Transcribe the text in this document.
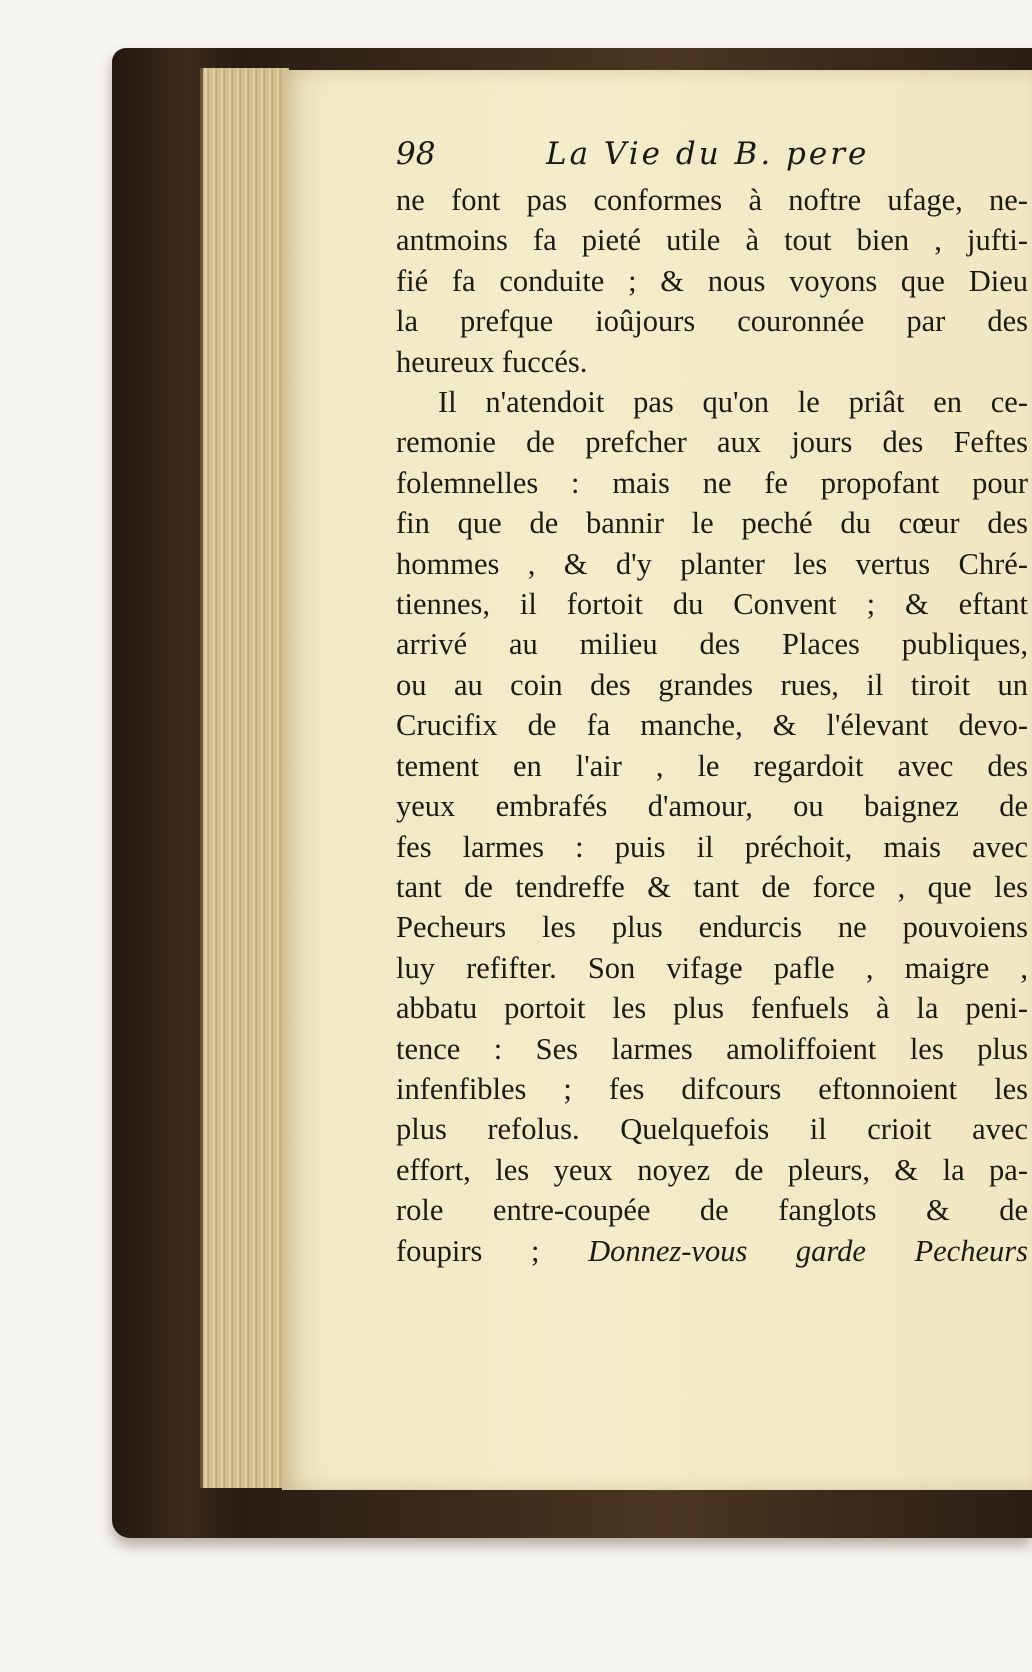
98	La Vie du B. pere
ne font pas conformes à noftre ufage, ne-
antmoins fa pieté utile à tout bien , jufti-
fié fa conduite ; & nous voyons que Dieu
la prefque ioûjours couronnée par des
heureux fuccés.
Il n'atendoit pas qu'on le priât en ce-
remonie de prefcher aux jours des Feftes
folemnelles : mais ne fe propofant pour
fin que de bannir le peché du cœur des
hommes , & d'y planter les vertus Chré-
tiennes, il fortoit du Convent ; & eftant
arrivé au milieu des Places publiques,
ou au coin des grandes rues, il tiroit un
Crucifix de fa manche, & l'élevant devo-
tement en l'air , le regardoit avec des
yeux embrafés d'amour, ou baignez de
fes larmes : puis il préchoit, mais avec
tant de tendreffe & tant de force , que les
Pecheurs les plus endurcis ne pouvoiens
luy refifter. Son vifage pafle , maigre ,
abbatu portoit les plus fenfuels à la peni-
tence : Ses larmes amoliffoient les plus
infenfibles ; fes difcours eftonnoient les
plus refolus. Quelquefois il crioit avec
effort, les yeux noyez de pleurs, & la pa-
role entre-coupée de fanglots & de
foupirs ; Donnez-vous garde Pecheurs
